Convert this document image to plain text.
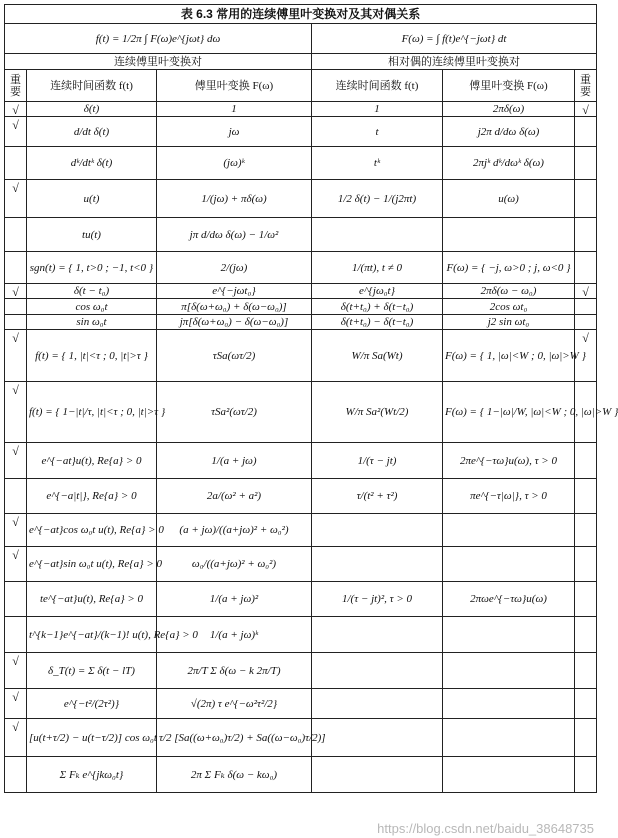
表 6.3 常用的连续傅里叶变换对及其对偶关系					
f(t) = 1/2π ∫ F(ω)e^{jωt} dω			F(ω) = ∫ f(t)e^{−jωt} dt		
连续傅里叶变换对			相对偶的连续傅里叶变换对		
重要	连续时间函数 f(t)	傅里叶变换 F(ω)	连续时间函数 f(t)	傅里叶变换 F(ω)	重要
√	δ(t)	1	1	2πδ(ω)	√
√	d/dt δ(t)	jω	t	j2π d/dω δ(ω)	
	dᵏ/dtᵏ δ(t)	(jω)ᵏ	tᵏ	2πjᵏ dᵏ/dωᵏ δ(ω)	
√	u(t)	1/(jω) + πδ(ω)	1/2 δ(t) − 1/(j2πt)	u(ω)	
	tu(t)	jπ d/dω δ(ω) − 1/ω²			
	sgn(t) = { 1, t>0 ; −1, t<0 }	2/(jω)	1/(πt), t ≠ 0	F(ω) = { −j, ω>0 ; j, ω<0 }	
√	δ(t − t₀)	e^{−jωt₀}	e^{jω₀t}	2πδ(ω − ω₀)	√
	cos ω₀t	π[δ(ω+ω₀) + δ(ω−ω₀)]	δ(t+t₀) + δ(t−t₀)	2cos ωt₀	
	sin ω₀t	jπ[δ(ω+ω₀) − δ(ω−ω₀)]	δ(t+t₀) − δ(t−t₀)	j2 sin ωt₀	
√	f(t) = { 1, |t|<τ ; 0, |t|>τ }	τSa(ωτ/2)	W/π Sa(Wt)	F(ω) = { 1, |ω|<W ; 0, |ω|>W }	√
√	f(t) = { 1−|t|/τ, |t|<τ ; 0, |t|>τ }	τSa²(ωτ/2)	W/π Sa²(Wt/2)	F(ω) = { 1−|ω|/W, |ω|<W ; 0, |ω|>W }	
√	e^{−at}u(t), Re{a} > 0	1/(a + jω)	1/(τ − jt)	2πe^{−τω}u(ω), τ > 0	
	e^{−a|t|}, Re{a} > 0	2a/(ω² + a²)	τ/(t² + τ²)	πe^{−τ|ω|}, τ > 0	
√	e^{−at}cos ω₀t u(t), Re{a} > 0	(a + jω)/((a+jω)² + ω₀²)			
√	e^{−at}sin ω₀t u(t), Re{a} > 0	ω₀/((a+jω)² + ω₀²)			
	te^{−at}u(t), Re{a} > 0	1/(a + jω)²	1/(τ − jt)², τ > 0	2πωe^{−τω}u(ω)	
	t^{k−1}e^{−at}/(k−1)! u(t), Re{a} > 0	1/(a + jω)ᵏ			
√	δ_T(t) = Σ δ(t − lT)	2π/T Σ δ(ω − k 2π/T)			
√	e^{−t²/(2τ²)}	√(2π) τ e^{−ω²τ²/2}			
√	[u(t+τ/2) − u(t−τ/2)] cos ω₀t	τ/2 [Sa((ω+ω₀)τ/2) + Sa((ω−ω₀)τ/2)]			
	Σ Fₖ e^{jkω₀t}	2π Σ Fₖ δ(ω − kω₀)			
https://blog.csdn.net/baidu_38648735
